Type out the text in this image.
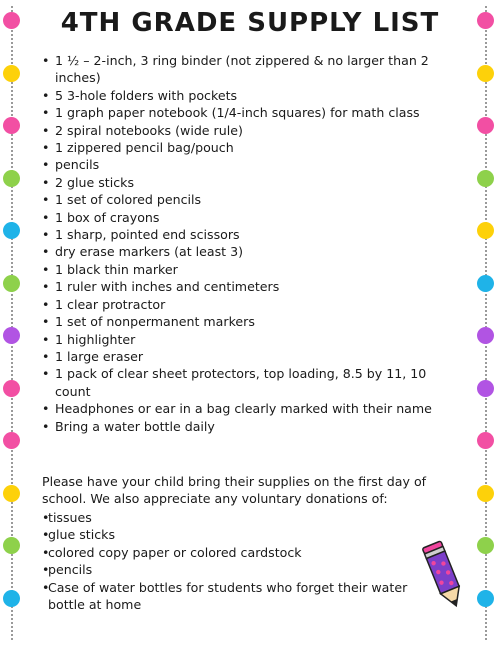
4TH GRADE SUPPLY LIST
• 1 ½ – 2-inch, 3 ring binder (not zippered & no larger than 2 inches)
• 5 3-hole folders with pockets
• 1 graph paper notebook (1/4-inch squares) for math class
• 2 spiral notebooks (wide rule)
• 1 zippered pencil bag/pouch
• pencils
• 2 glue sticks
• 1 set of colored pencils
• 1 box of crayons
• 1 sharp, pointed end scissors
• dry erase markers (at least 3)
• 1 black thin marker
• 1 ruler with inches and centimeters
• 1 clear protractor
• 1 set of nonpermanent markers
• 1 highlighter
• 1 large eraser
• 1 pack of clear sheet protectors, top loading, 8.5 by 11, 10 count
• Headphones or ear in a bag clearly marked with their name
• Bring a water bottle daily

Please have your child bring their supplies on the first day of school. We also appreciate any voluntary donations of:

• tissues
• glue sticks
• colored copy paper or colored cardstock
• pencils
• Case of water bottles for students who forget their water bottle at home
